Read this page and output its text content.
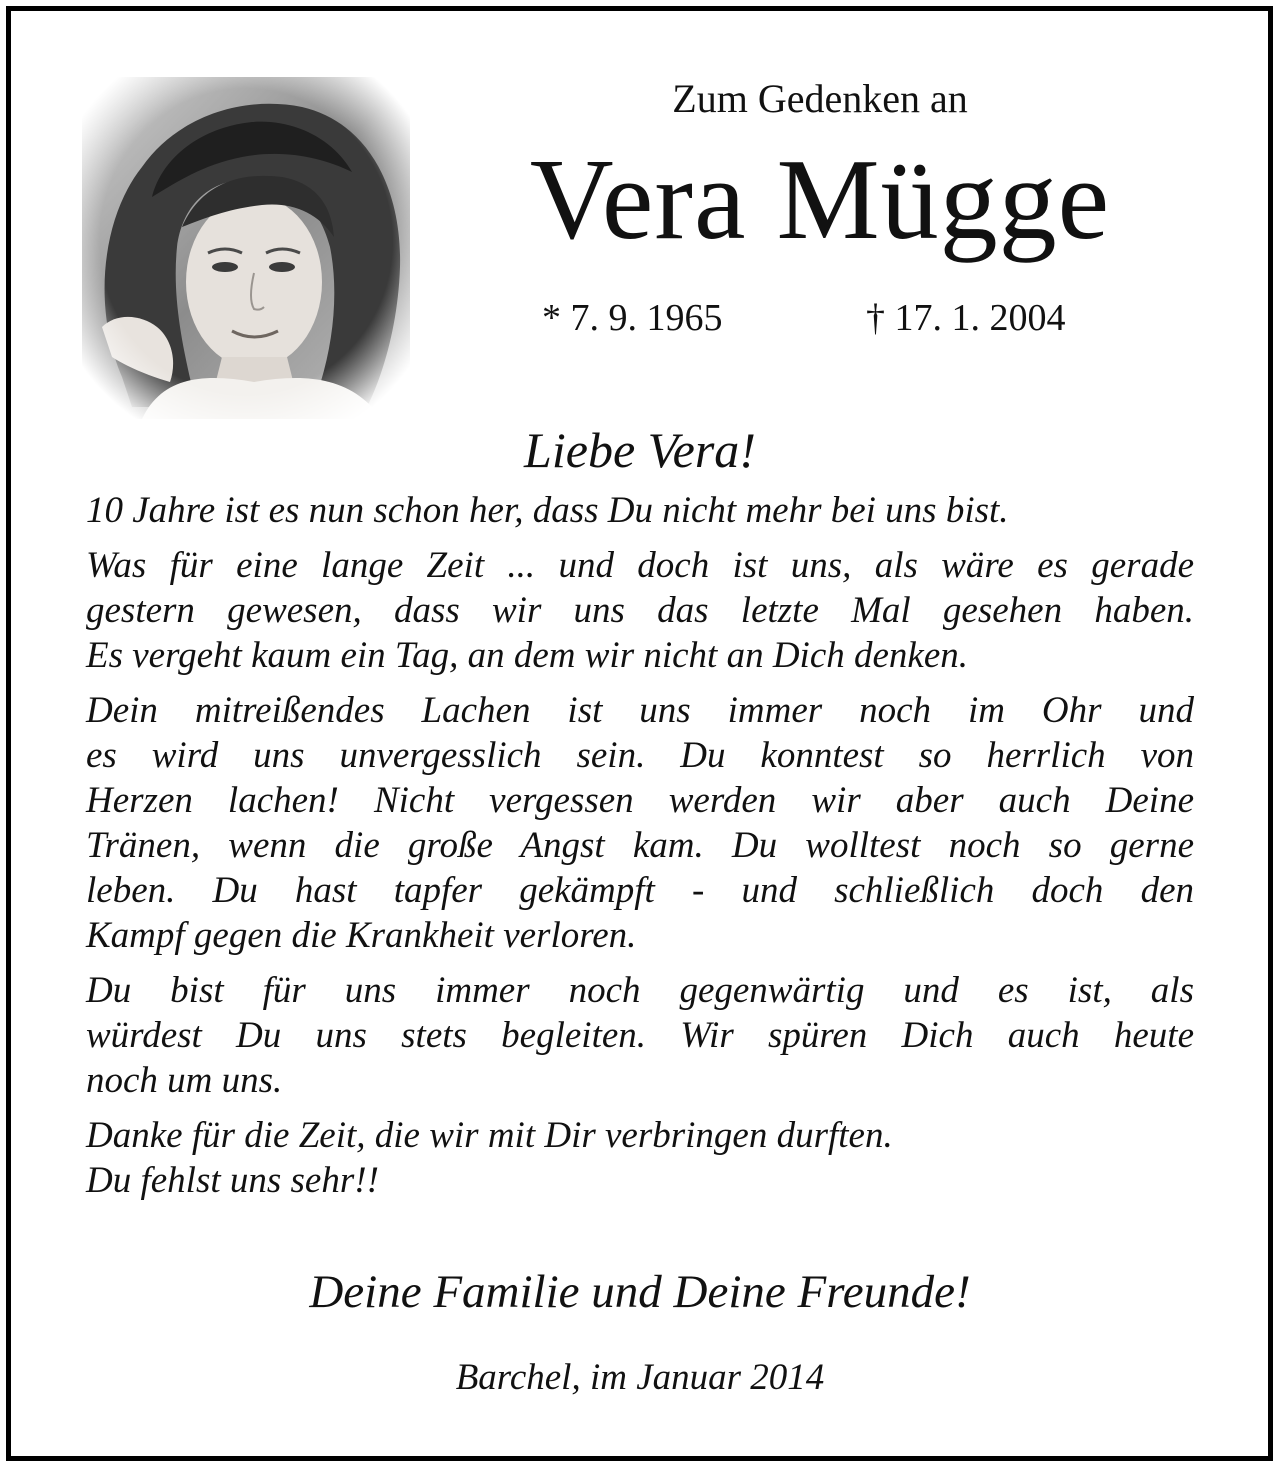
Zum Gedenken an
Vera Mügge
* 7. 9. 1965	† 17. 1. 2004
Liebe Vera!
10 Jahre ist es nun schon her, dass Du nicht mehr bei uns bist.
Was für eine lange Zeit ... und doch ist uns, als wäre es gerade
gestern gewesen, dass wir uns das letzte Mal gesehen haben.
Es vergeht kaum ein Tag, an dem wir nicht an Dich denken.
Dein mitreißendes Lachen ist uns immer noch im Ohr und
es wird uns unvergesslich sein. Du konntest so herrlich von
Herzen lachen! Nicht vergessen werden wir aber auch Deine
Tränen, wenn die große Angst kam. Du wolltest noch so gerne
leben. Du hast tapfer gekämpft - und schließlich doch den
Kampf gegen die Krankheit verloren.
Du bist für uns immer noch gegenwärtig und es ist, als
würdest Du uns stets begleiten. Wir spüren Dich auch heute
noch um uns.
Danke für die Zeit, die wir mit Dir verbringen durften.
Du fehlst uns sehr!!
Deine Familie und Deine Freunde!
Barchel, im Januar 2014
